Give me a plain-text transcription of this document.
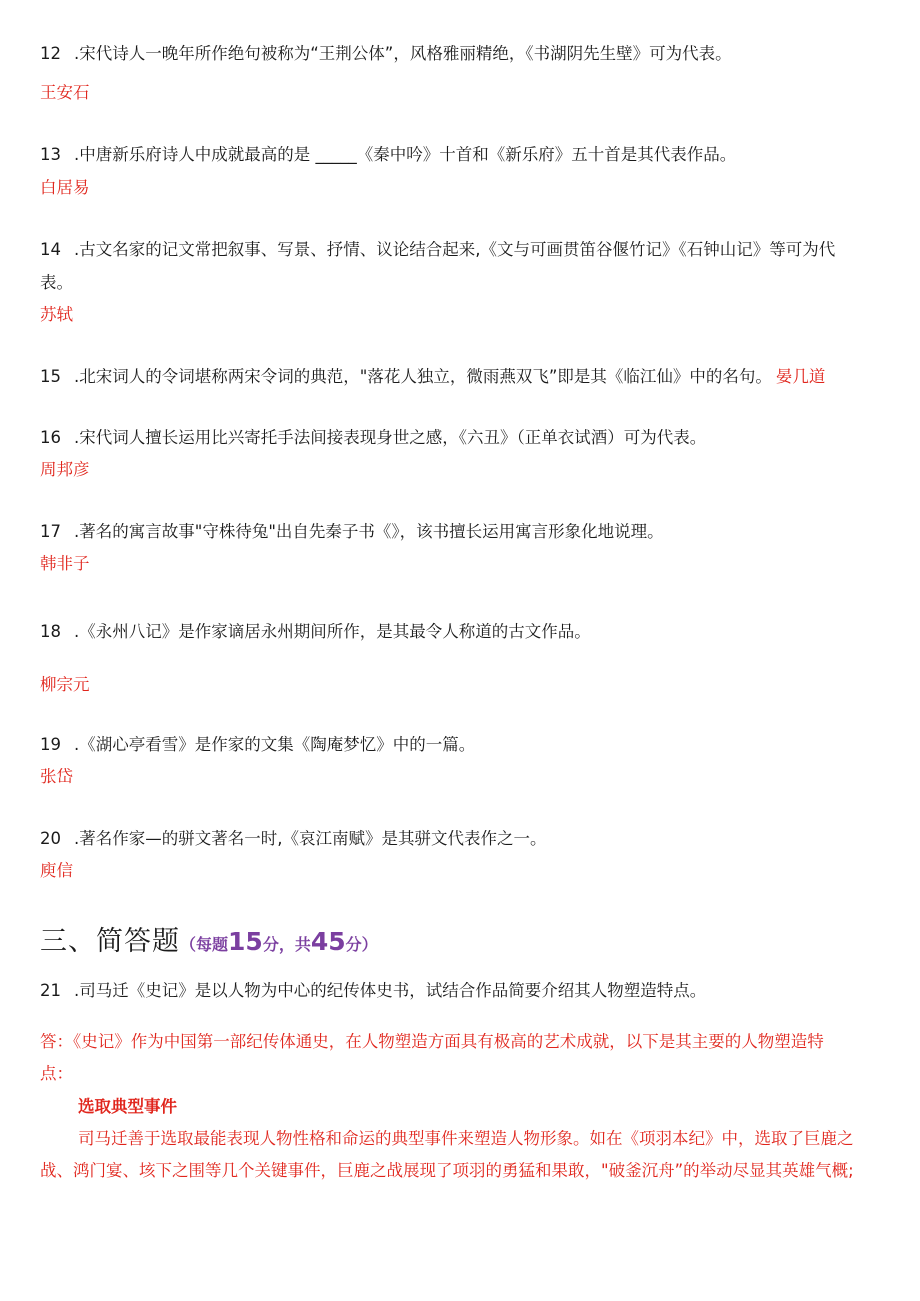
12 .宋代诗人一晚年所作绝句被称为“王荆公体”，风格雅丽精绝，《书湖阴先生壁》可为代表。
王安石
13 .中唐新乐府诗人中成就最高的是 _____《秦中吟》十首和《新乐府》五十首是其代表作品。
白居易
14 .古文名家的记文常把叙事、写景、抒情、议论结合起来,《文与可画贯笛谷偃竹记》《石钟山记》等可为代
表。
苏轼
15 .北宋词人的令词堪称两宋令词的典范，"落花人独立，微雨燕双飞”即是其《临江仙》中的名句。 晏几道
16 .宋代词人擅长运用比兴寄托手法间接表现身世之感，《六丑》（正单衣试酒）可为代表。
周邦彦
17 .著名的寓言故事"守株待兔"出自先秦子书《》，该书擅长运用寓言形象化地说理。
韩非子
18 .《永州八记》是作家谪居永州期间所作，是其最令人称道的古文作品。
柳宗元
19 .《湖心亭看雪》是作家的文集《陶庵梦忆》中的一篇。
张岱
20 .著名作家—的骈文著名一时,《哀江南赋》是其骈文代表作之一。
庾信
三、简答题（每题15分，共45分）
21 .司马迁《史记》是以人物为中心的纪传体史书，试结合作品简要介绍其人物塑造特点。
答：《史记》作为中国第一部纪传体通史，在人物塑造方面具有极高的艺术成就，以下是其主要的人物塑造特
点：
选取典型事件
司马迁善于选取最能表现人物性格和命运的典型事件来塑造人物形象。如在《项羽本纪》中，选取了巨鹿之
战、鸿门宴、垓下之围等几个关键事件，巨鹿之战展现了项羽的勇猛和果敢，"破釜沉舟”的举动尽显其英雄气概;
